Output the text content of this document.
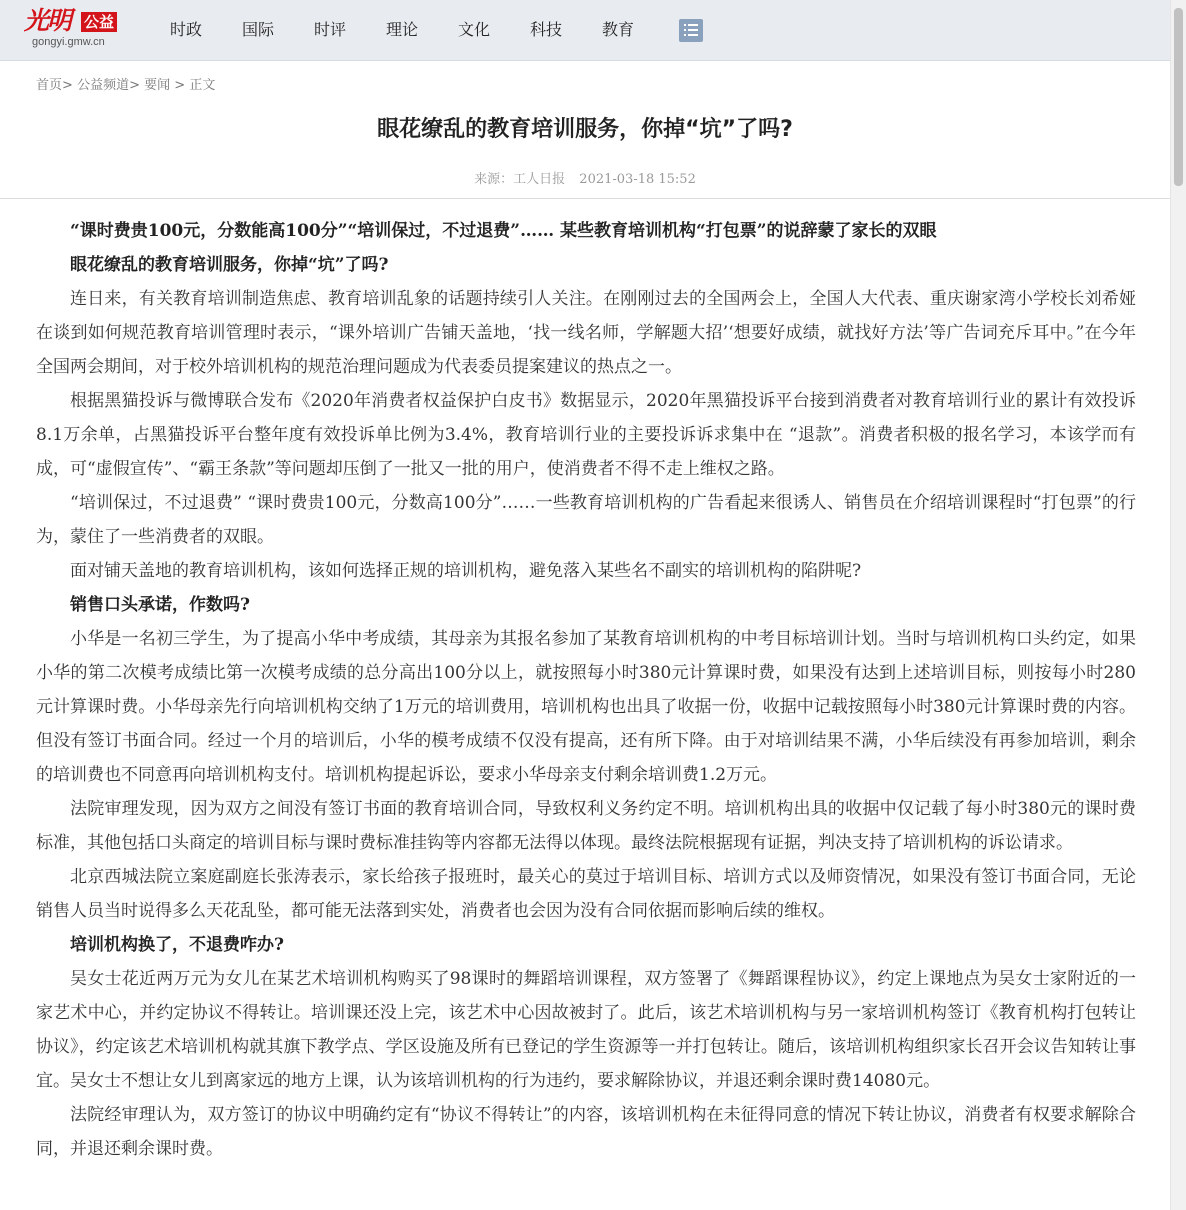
光明 公益
gongyi.gmw.cn
时政	国际	时评	理论	文化	科技	教育
首页> 公益频道> 要闻 > 正文
眼花缭乱的教育培训服务，你掉“坑”了吗?
来源：工人日报 2021-03-18 15:52

“课时费贵100元，分数能高100分”“培训保过，不过退费”…… 某些教育培训机构“打包票”的说辞蒙了家长的双眼

眼花缭乱的教育培训服务，你掉“坑”了吗?

连日来，有关教育培训制造焦虑、教育培训乱象的话题持续引人关注。在刚刚过去的全国两会上，全国人大代表、重庆谢家湾小学校长刘希娅在谈到如何规范教育培训管理时表示，“课外培训广告铺天盖地，‘找一线名师，学解题大招’‘想要好成绩，就找好方法’等广告词充斥耳中。”在今年全国两会期间，对于校外培训机构的规范治理问题成为代表委员提案建议的热点之一。

根据黑猫投诉与微博联合发布《2020年消费者权益保护白皮书》数据显示，2020年黑猫投诉平台接到消费者对教育培训行业的累计有效投诉8.1万余单，占黑猫投诉平台整年度有效投诉单比例为3.4%，教育培训行业的主要投诉诉求集中在 “退款”。消费者积极的报名学习，本该学而有成，可“虚假宣传”、“霸王条款”等问题却压倒了一批又一批的用户，使消费者不得不走上维权之路。

“培训保过，不过退费” “课时费贵100元，分数高100分”……一些教育培训机构的广告看起来很诱人、销售员在介绍培训课程时“打包票”的行为，蒙住了一些消费者的双眼。

面对铺天盖地的教育培训机构，该如何选择正规的培训机构，避免落入某些名不副实的培训机构的陷阱呢?

销售口头承诺，作数吗?

小华是一名初三学生，为了提高小华中考成绩，其母亲为其报名参加了某教育培训机构的中考目标培训计划。当时与培训机构口头约定，如果小华的第二次模考成绩比第一次模考成绩的总分高出100分以上，就按照每小时380元计算课时费，如果没有达到上述培训目标，则按每小时280元计算课时费。小华母亲先行向培训机构交纳了1万元的培训费用，培训机构也出具了收据一份，收据中记载按照每小时380元计算课时费的内容。但没有签订书面合同。经过一个月的培训后，小华的模考成绩不仅没有提高，还有所下降。由于对培训结果不满，小华后续没有再参加培训，剩余的培训费也不同意再向培训机构支付。培训机构提起诉讼，要求小华母亲支付剩余培训费1.2万元。

法院审理发现，因为双方之间没有签订书面的教育培训合同，导致权利义务约定不明。培训机构出具的收据中仅记载了每小时380元的课时费标准，其他包括口头商定的培训目标与课时费标准挂钩等内容都无法得以体现。最终法院根据现有证据，判决支持了培训机构的诉讼请求。

北京西城法院立案庭副庭长张涛表示，家长给孩子报班时，最关心的莫过于培训目标、培训方式以及师资情况，如果没有签订书面合同，无论销售人员当时说得多么天花乱坠，都可能无法落到实处，消费者也会因为没有合同依据而影响后续的维权。

培训机构换了，不退费咋办?

吴女士花近两万元为女儿在某艺术培训机构购买了98课时的舞蹈培训课程，双方签署了《舞蹈课程协议》，约定上课地点为吴女士家附近的一家艺术中心，并约定协议不得转让。培训课还没上完，该艺术中心因故被封了。此后，该艺术培训机构与另一家培训机构签订《教育机构打包转让协议》，约定该艺术培训机构就其旗下教学点、学区设施及所有已登记的学生资源等一并打包转让。随后，该培训机构组织家长召开会议告知转让事宜。吴女士不想让女儿到离家远的地方上课，认为该培训机构的行为违约，要求解除协议，并退还剩余课时费14080元。

法院经审理认为，双方签订的协议中明确约定有“协议不得转让”的内容，该培训机构在未征得同意的情况下转让协议，消费者有权要求解除合同，并退还剩余课时费。
